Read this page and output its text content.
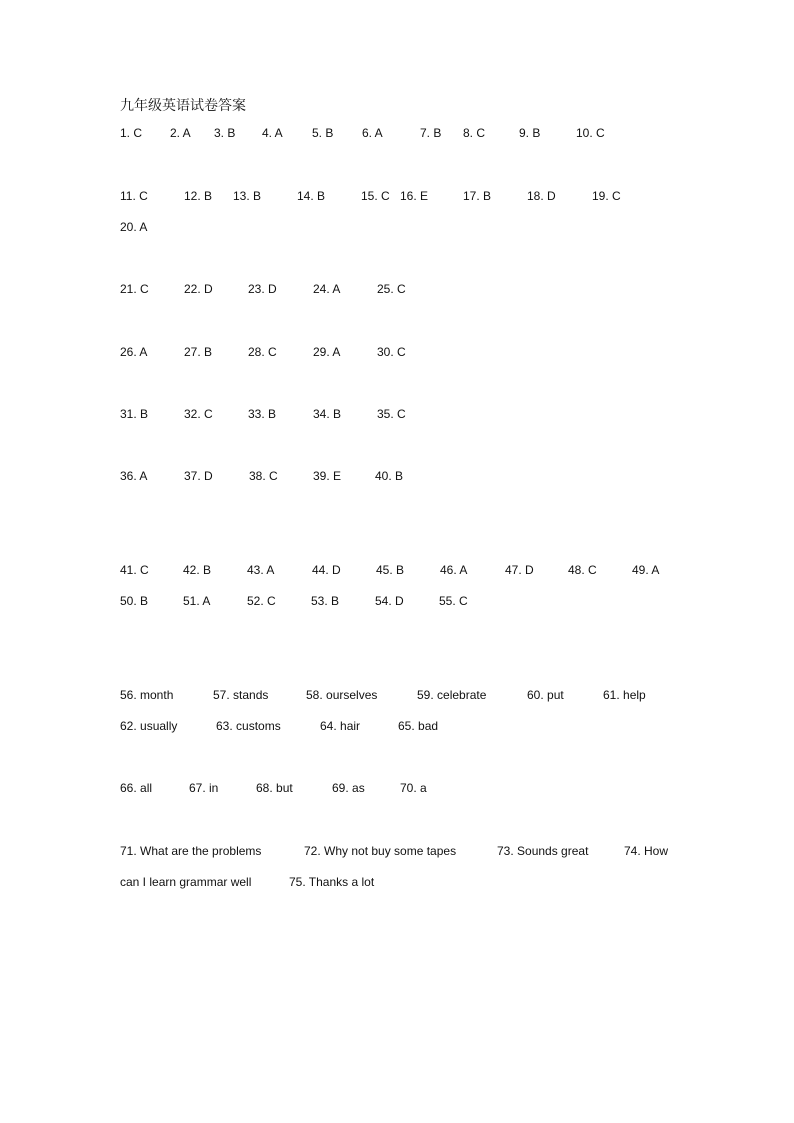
九年级英语试卷答案
1. C 2. A 3. B 4. A 5. B 6. A	7. B 8. C	9. B	10. C
11. C	12. B 13. B	14. B	15. C 16. E	17. B	18. D	19. C
20. A
21. C	22. D	23. D	24. A	25. C
26. A	27. B	28. C	29. A	30. C
31. B	32. C	33. B	34. B	35. C
36. A	37. D	38. C	39. E	40. B
41. C	42. B	43. A	44. D	45. B	46. A	47. D	48. C	49. A
50. B	51. A	52. C	53. B	54. D	55. C
56. month	57. stands	58. ourselves	59. celebrate	60. put	61. help
62. usually	63. customs	64. hair	65. bad
66. all	67. in	68. but	69. as	70. a
71. What are the problems	72. Why not buy some tapes	73. Sounds great	74. How
can I learn grammar well	75. Thanks a lot
